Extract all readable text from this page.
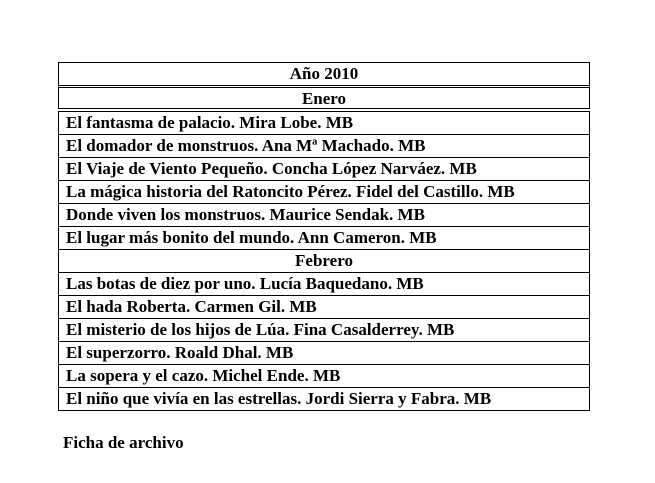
Año 2010
Enero
El fantasma de palacio. Mira Lobe. MB
El domador de monstruos. Ana Mª Machado. MB
El Viaje de Viento Pequeño. Concha López Narváez. MB
La mágica historia del Ratoncito Pérez. Fidel del Castillo. MB
Donde viven los monstruos. Maurice Sendak. MB
El lugar más bonito del mundo. Ann Cameron. MB
Febrero
Las botas de diez por uno. Lucía Baquedano. MB
El hada Roberta. Carmen Gil. MB
El misterio de los hijos de Lúa. Fina Casalderrey. MB
El superzorro. Roald Dhal. MB
La sopera y el cazo. Michel Ende. MB
El niño que vivía en las estrellas. Jordi Sierra y Fabra. MB
Ficha de archivo
